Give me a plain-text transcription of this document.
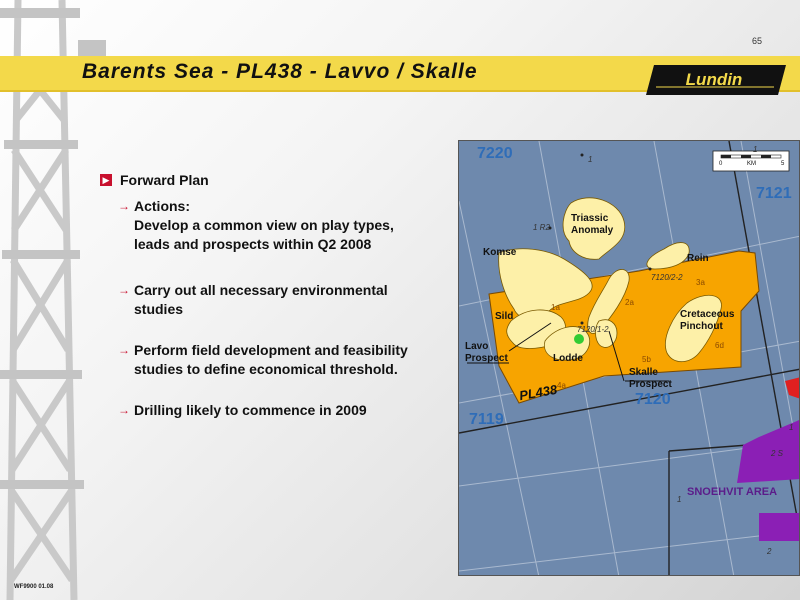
65
Barents Sea - PL438 - Lavvo / Skalle	Lundin
▶ Forward Plan
→ Actions:
Develop a common view on play types,
leads and prospects within Q2 2008
→ Carry out all necessary environmental studies
→ Perform field development and feasibility
studies to define economical threshold.
→ Drilling likely to commence in 2009
WF9900 01.08
7220
7121
7119
7120
1a
2a
3a
4a
5b
6d
1
1 R2
7120/2-2
7120/1-2
1
1
2 S
1
2
Triassic
Anomaly
Komse
Rein
Sild	Cretaceous
Pinchout
Lavo
Prospect	Lodde
Skalle
Prospect
PL438
SNOEHVIT AREA
0	KM	5
